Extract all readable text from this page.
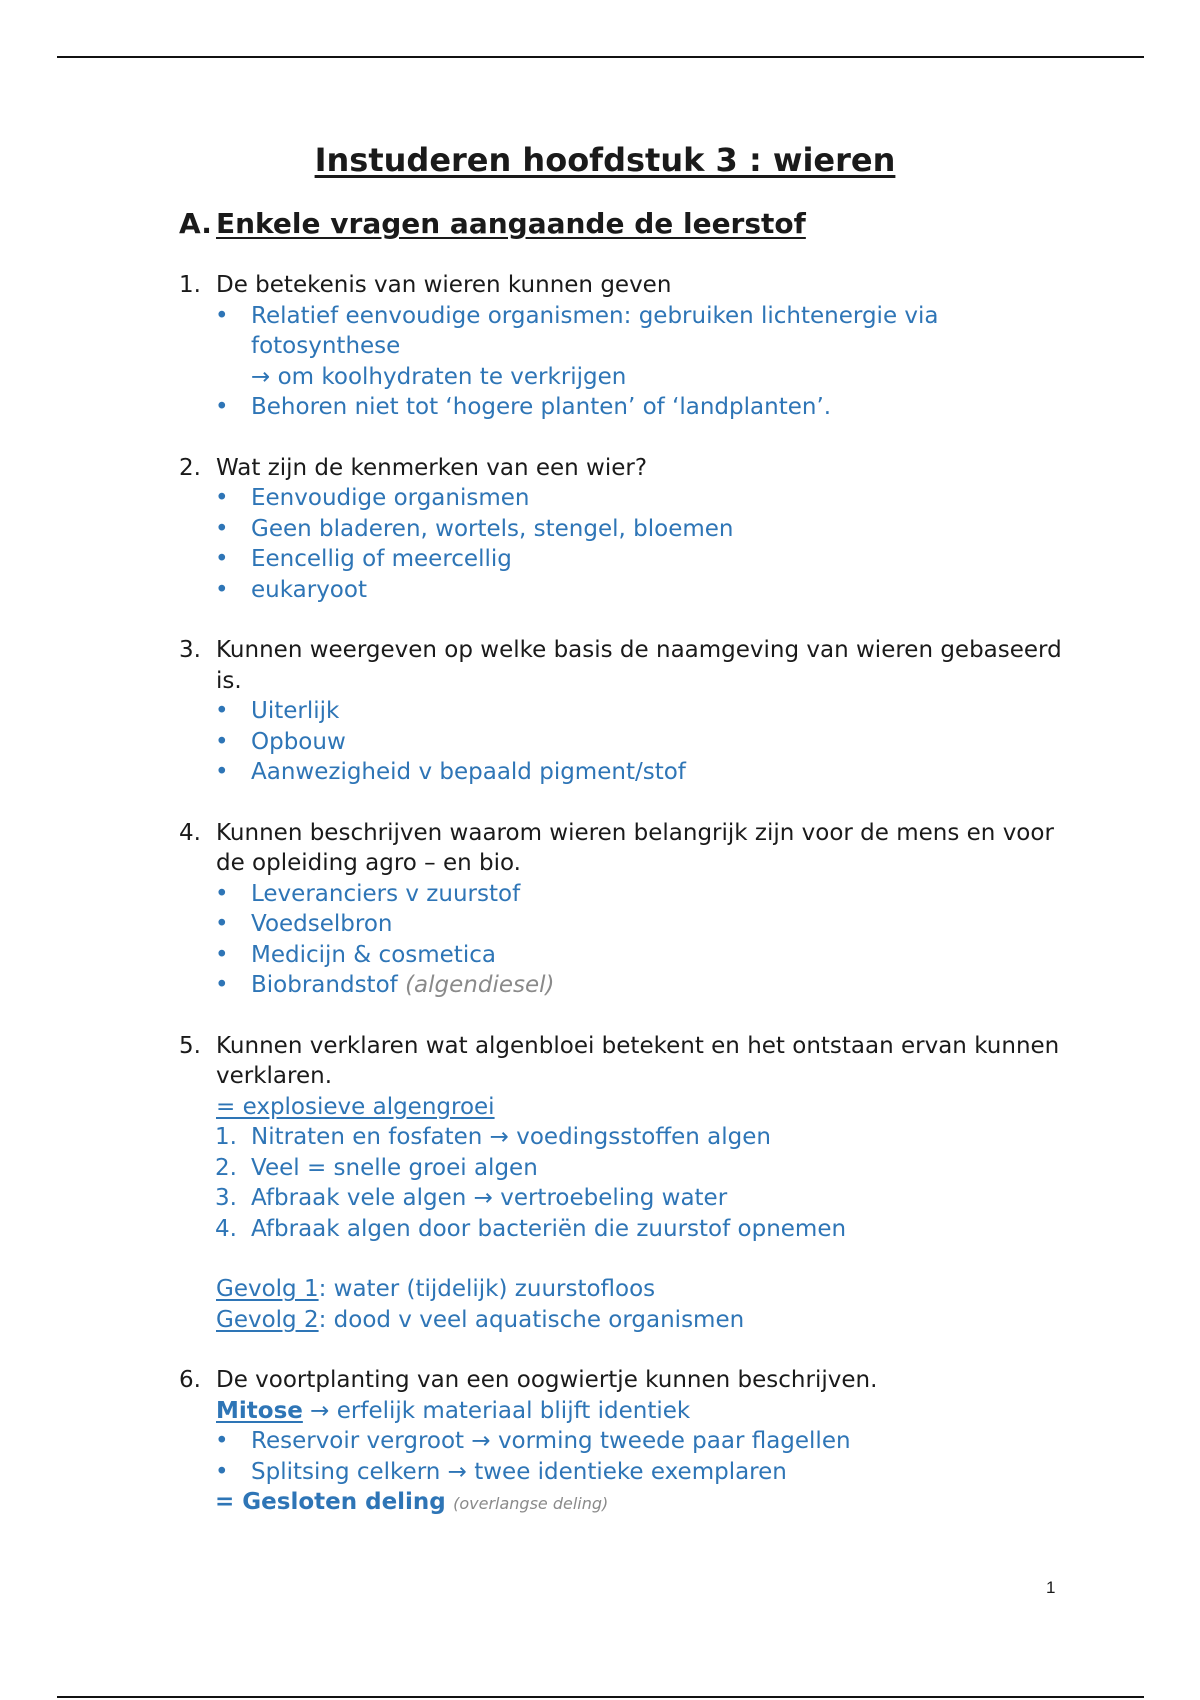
Instuderen hoofdstuk 3 : wieren
A. Enkele vragen aangaande de leerstof
1. De betekenis van wieren kunnen geven
• Relatief eenvoudige organismen: gebruiken lichtenergie via fotosynthese
→ om koolhydraten te verkrijgen
• Behoren niet tot ‘hogere planten’ of ‘landplanten’.
2. Wat zijn de kenmerken van een wier?
• Eenvoudige organismen
• Geen bladeren, wortels, stengel, bloemen
• Eencellig of meercellig
• eukaryoot
3. Kunnen weergeven op welke basis de naamgeving van wieren gebaseerd is.
• Uiterlijk
• Opbouw
• Aanwezigheid v bepaald pigment/stof
4. Kunnen beschrijven waarom wieren belangrijk zijn voor de mens en voor de opleiding agro – en bio.
• Leveranciers v zuurstof
• Voedselbron
• Medicijn & cosmetica
• Biobrandstof (algendiesel)
5. Kunnen verklaren wat algenbloei betekent en het ontstaan ervan kunnen verklaren.
= explosieve algengroei
1. Nitraten en fosfaten → voedingsstoffen algen
2. Veel = snelle groei algen
3. Afbraak vele algen → vertroebeling water
4. Afbraak algen door bacteriën die zuurstof opnemen
Gevolg 1: water (tijdelijk) zuurstofloos
Gevolg 2: dood v veel aquatische organismen
6. De voortplanting van een oogwiertje kunnen beschrijven.
Mitose → erfelijk materiaal blijft identiek
• Reservoir vergroot → vorming tweede paar flagellen
• Splitsing celkern → twee identieke exemplaren
= Gesloten deling (overlangse deling)
1
